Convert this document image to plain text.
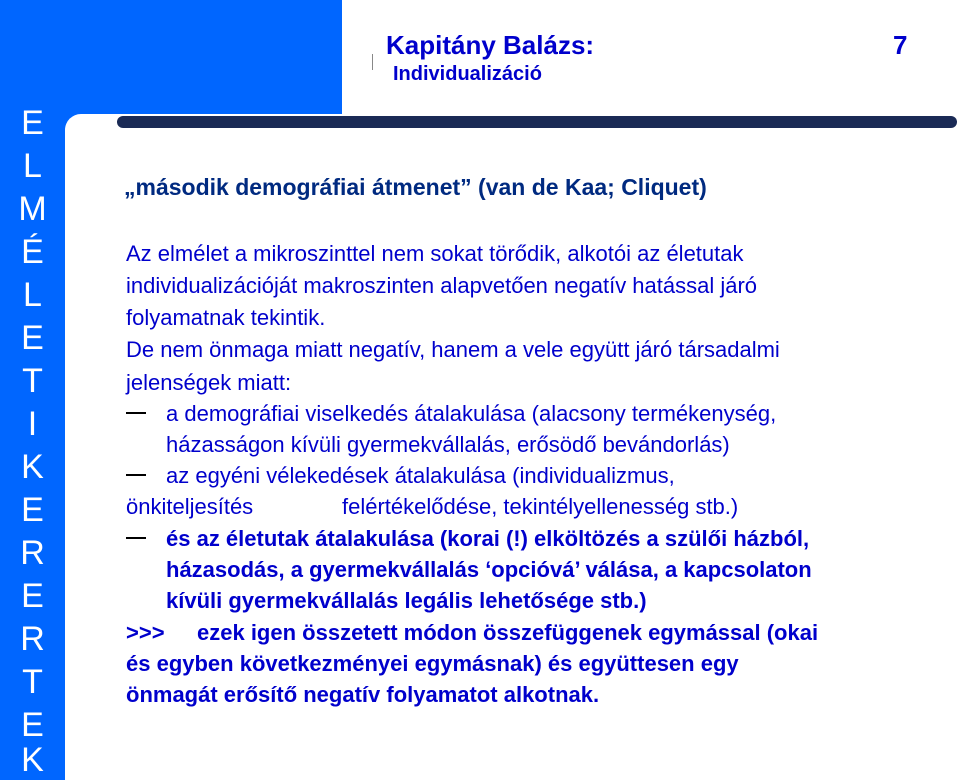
E
L
M
É
L
E
T
I
K
E
R
E
R
T
E
K
Kapitány Balázs:
Individualizáció
7
„második demográfiai átmenet” (van de Kaa; Cliquet)
Az elmélet a mikroszinttel nem sokat törődik, alkotói az életutak
individualizációját makroszinten alapvetően negatív hatással járó
folyamatnak tekintik.
De nem önmaga miatt negatív, hanem a vele együtt járó társadalmi
jelenségek miatt:
a demográfiai viselkedés átalakulása (alacsony termékenység,
házasságon kívüli gyermekvállalás, erősödő bevándorlás)
az egyéni vélekedések átalakulása (individualizmus,
önkiteljesítés	felértékelődése, tekintélyellenesség stb.)
és az életutak átalakulása (korai (!) elköltözés a szülői házból,
házasodás, a gyermekvállalás ‘opcióvá’ válása, a kapcsolaton
kívüli gyermekvállalás legális lehetősége stb.)
>>> ezek igen összetett módon összefüggenek egymással (okai
és egyben következményei egymásnak) és együttesen egy
önmagát erősítő negatív folyamatot alkotnak.
